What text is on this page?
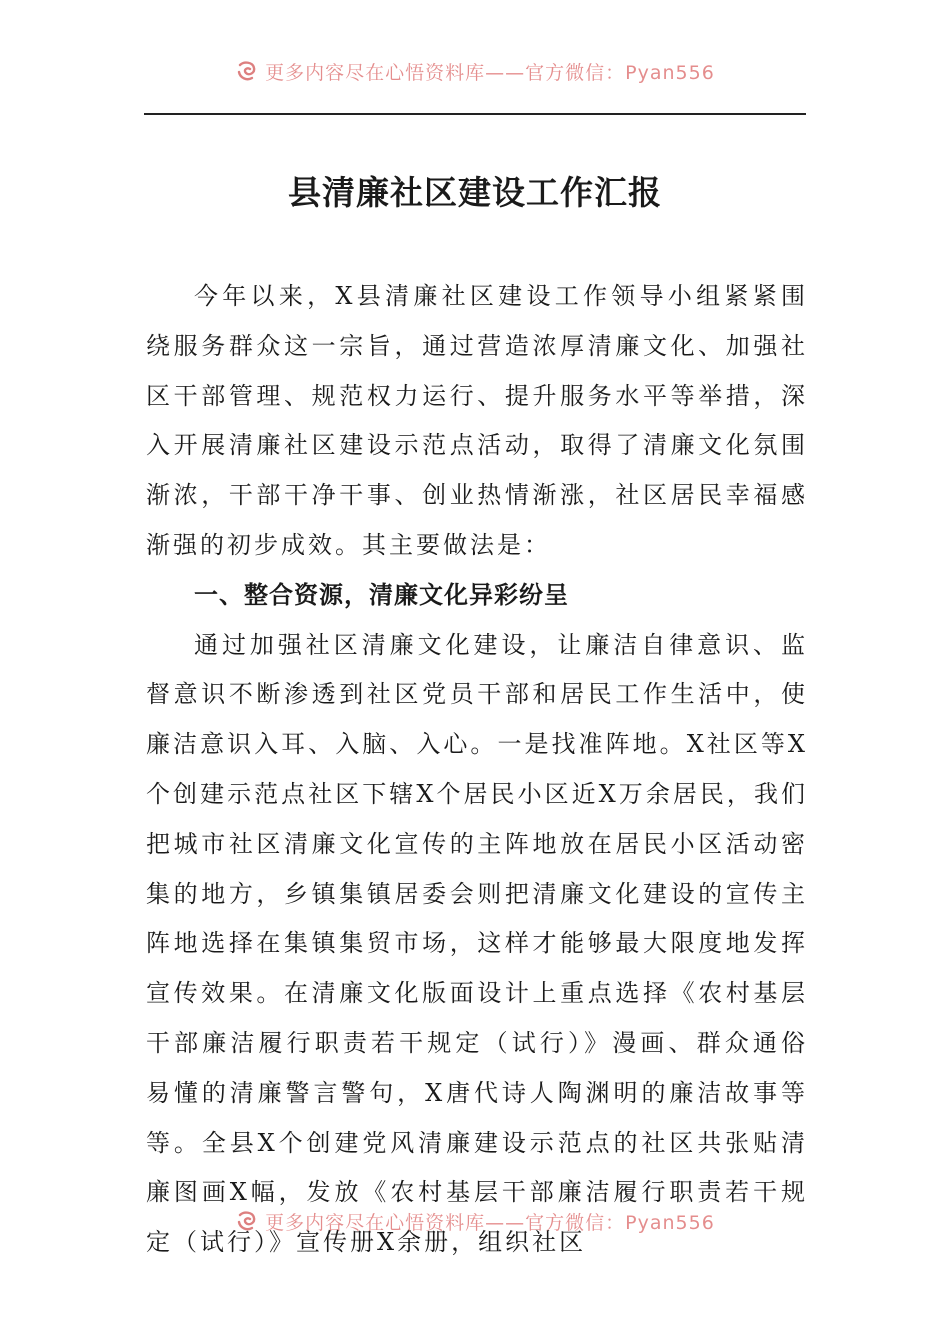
更多内容尽在心悟资料库——官方微信：Pyan556
县清廉社区建设工作汇报

今年以来，X县清廉社区建设工作领导小组紧紧围绕服务群众这一宗旨，通过营造浓厚清廉文化、加强社区干部管理、规范权力运行、提升服务水平等举措，深入开展清廉社区建设示范点活动，取得了清廉文化氛围渐浓，干部干净干事、创业热情渐涨，社区居民幸福感渐强的初步成效。其主要做法是：

一、整合资源，清廉文化异彩纷呈

通过加强社区清廉文化建设，让廉洁自律意识、监督意识不断渗透到社区党员干部和居民工作生活中，使廉洁意识入耳、入脑、入心。一是找准阵地。X社区等X个创建示范点社区下辖X个居民小区近X万余居民，我们把城市社区清廉文化宣传的主阵地放在居民小区活动密集的地方，乡镇集镇居委会则把清廉文化建设的宣传主阵地选择在集镇集贸市场，这样才能够最大限度地发挥宣传效果。在清廉文化版面设计上重点选择《农村基层干部廉洁履行职责若干规定（试行）》漫画、群众通俗易懂的清廉警言警句，X唐代诗人陶渊明的廉洁故事等等。全县X个创建党风清廉建设示范点的社区共张贴清廉图画X幅，发放《农村基层干部廉洁履行职责若干规定（试行）》宣传册X余册，组织社区

更多内容尽在心悟资料库——官方微信：Pyan556
